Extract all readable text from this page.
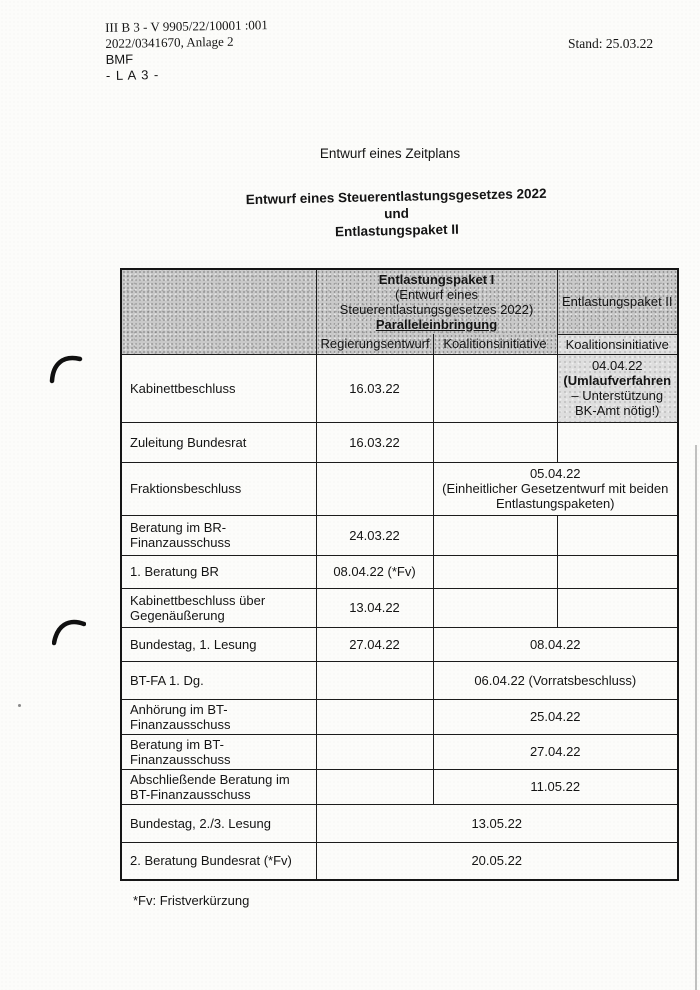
III B 3 - V 9905/22/10001 :001
2022/0341670, Anlage 2
BMF
- L A 3 -
Stand: 25.03.22
Entwurf eines Zeitplans
Entwurf eines Steuerentlastungsgesetzes 2022
und
Entlastungspaket II

	Entlastungspaket I
(Entwurf eines
Steuerentlastungsgesetzes 2022)
Paralleleinbringung		Entlastungspaket II
	Regierungsentwurf	Koalitionsinitiative	Koalitionsinitiative
Kabinettbeschluss	16.03.22		04.04.22
(Umlaufverfahren
– Unterstützung
BK-Amt nötig!)

Zuleitung Bundesrat	16.03.22		
Fraktionsbeschluss		05.04.22
(Einheitlicher Gesetzentwurf mit beiden
Entlastungspaketen)	

Beratung im BR-Finanzausschuss	24.03.22		
1. Beratung BR	08.04.22 (*Fv)		
Kabinettbeschluss über Gegenäußerung	13.04.22		
Bundestag, 1. Lesung	27.04.22	08.04.22	
BT-FA 1. Dg.		06.04.22 (Vorratsbeschluss)	
Anhörung im BT-Finanzausschuss		25.04.22	
Beratung im BT-Finanzausschuss		27.04.22	
Abschließende Beratung im BT-Finanzausschuss		11.05.22	
Bundestag, 2./3. Lesung	13.05.22		
2. Beratung Bundesrat (*Fv)	20.05.22		
*Fv: Fristverkürzung
